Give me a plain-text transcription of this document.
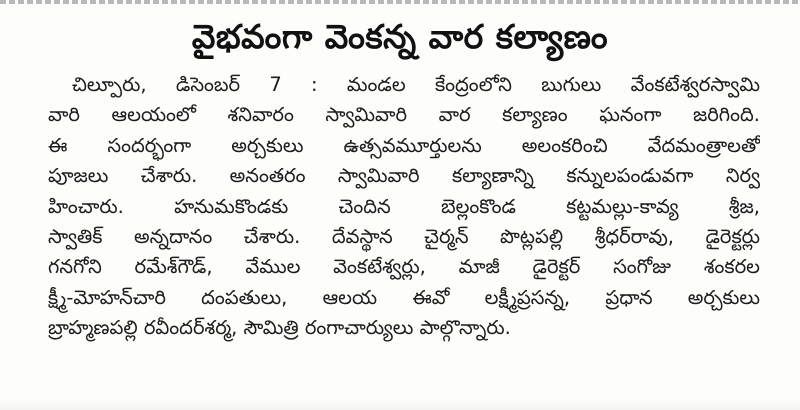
వైభవంగా వెంకన్న వార కల్యాణం
చిల్పూరు, డిసెంబర్ 7 : మండల కేంద్రంలోని బుగులు వేంకటేశ్వరస్వామి
వారి ఆలయంలో శనివారం స్వామివారి వార కల్యాణం ఘనంగా జరిగింది.
ఈ సందర్భంగా అర్చకులు ఉత్సవమూర్తులను అలంకరించి వేదమంత్రాలతో
పూజలు చేశారు. అనంతరం స్వామివారి కల్యాణాన్ని కన్నులపండువగా నిర్వ
హించారు. హనుమకొండకు చెందిన బెల్లంకొండ కట్టమల్లు-కావ్య శ్రీజ,
స్వాతిక్ అన్నదానం చేశారు. దేవస్థాన చైర్మన్ పొట్లపల్లి శ్రీధర్‌రావు, డైరెక్టర్లు
గనగోని రమేశ్‌గౌడ్, వేముల వెంకటేశ్వర్లు, మాజీ డైరెక్టర్ సంగోజు శంకరల
క్ష్మీ-మోహన్‌చారి దంపతులు, ఆలయ ఈవో లక్ష్మీప్రసన్న, ప్రధాన అర్చకులు
బ్రాహ్మణపల్లి రవీందర్‌శర్మ, సౌమిత్రి రంగాచార్యులు పాల్గొన్నారు.
